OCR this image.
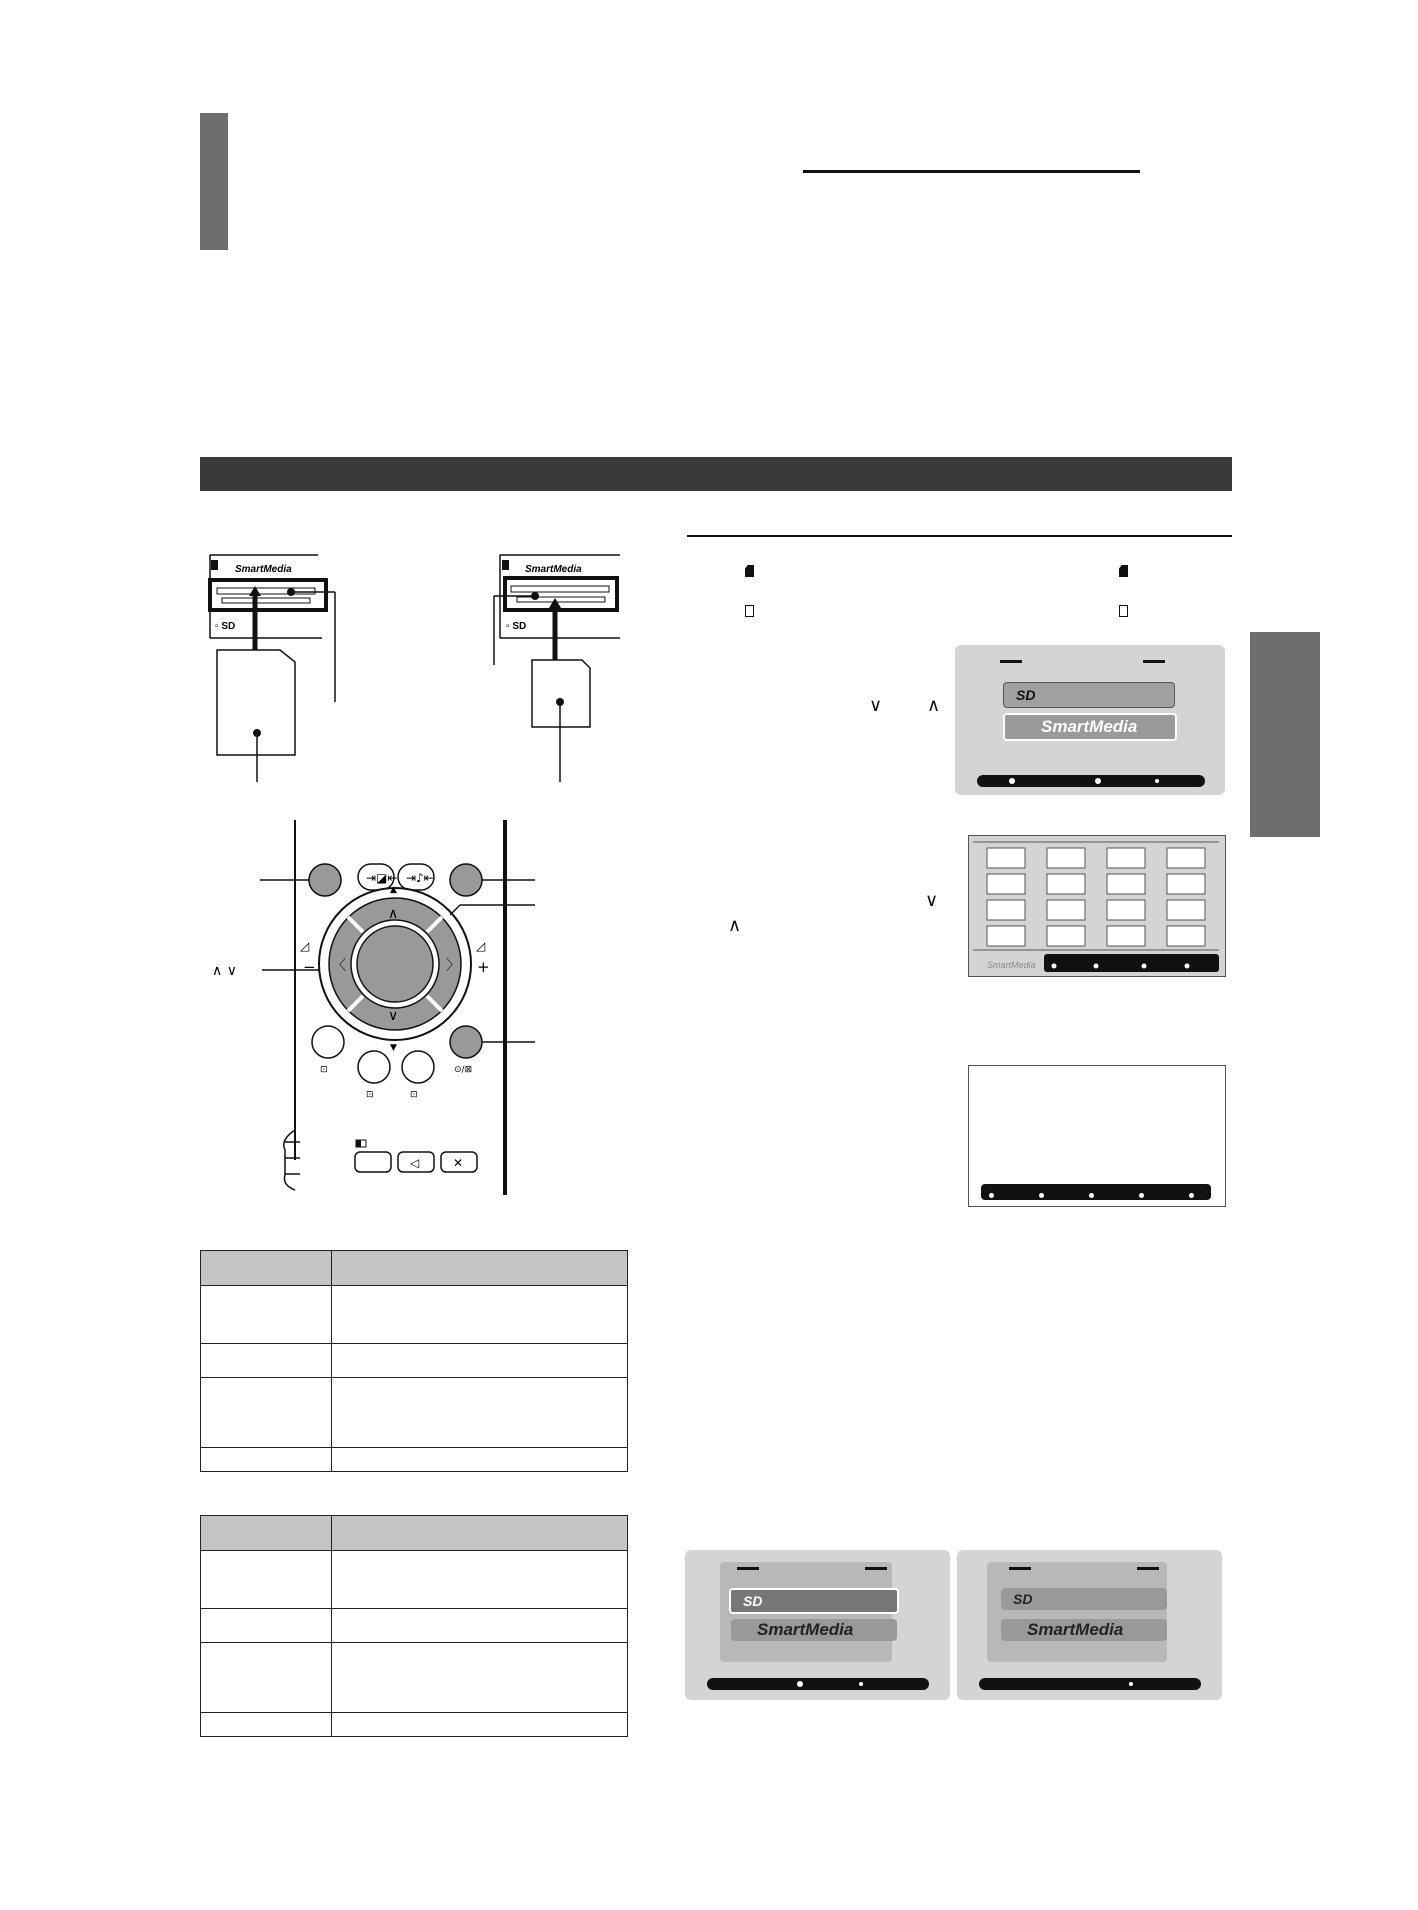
SmartMedia
▫ SD
SmartMedia
▫ SD
⇥◪⇤ ⇥♪⇤
∧
∨
〈	〉
▲
▼
◿	◿
−	+
⊡
⊡	⊡
⊙/⊠
◁	✕
∧ ∨
∨ ∧
∨
∧
SD
SmartMedia
SmartMedia

SD
SmartMedia
SD
SmartMedia
